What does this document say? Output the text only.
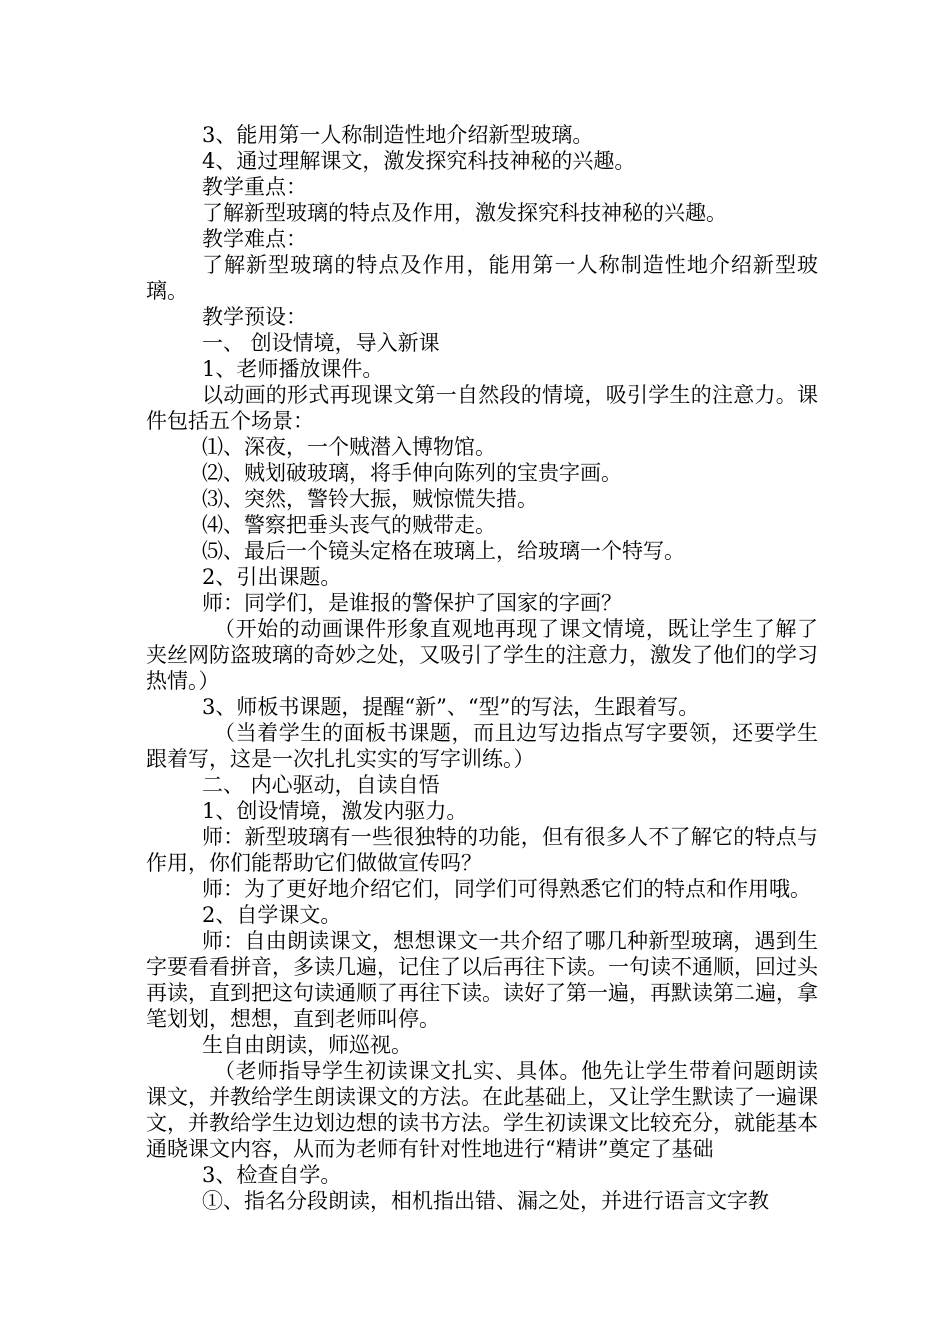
3、能用第一人称制造性地介绍新型玻璃。

4、通过理解课文，激发探究科技神秘的兴趣。

教学重点：

了解新型玻璃的特点及作用，激发探究科技神秘的兴趣。

教学难点：

了解新型玻璃的特点及作用，能用第一人称制造性地介绍新型玻璃。

教学预设：

一、 创设情境，导入新课

1、老师播放课件。

以动画的形式再现课文第一自然段的情境，吸引学生的注意力。课件包括五个场景：

⑴、深夜，一个贼潜入博物馆。

⑵、贼划破玻璃，将手伸向陈列的宝贵字画。

⑶、突然，警铃大振，贼惊慌失措。

⑷、警察把垂头丧气的贼带走。

⑸、最后一个镜头定格在玻璃上，给玻璃一个特写。

2、引出课题。

师：同学们，是谁报的警保护了国家的字画？

（开始的动画课件形象直观地再现了课文情境，既让学生了解了夹丝网防盗玻璃的奇妙之处，又吸引了学生的注意力，激发了他们的学习热情。）

3、师板书课题，提醒“新”、“型”的写法，生跟着写。

（当着学生的面板书课题，而且边写边指点写字要领，还要学生跟着写，这是一次扎扎实实的写字训练。）

二、 内心驱动，自读自悟

1、创设情境，激发内驱力。

师：新型玻璃有一些很独特的功能，但有很多人不了解它的特点与作用，你们能帮助它们做做宣传吗？

师：为了更好地介绍它们，同学们可得熟悉它们的特点和作用哦。

2、自学课文。

师：自由朗读课文，想想课文一共介绍了哪几种新型玻璃，遇到生字要看看拼音，多读几遍，记住了以后再往下读。一句读不通顺，回过头再读，直到把这句读通顺了再往下读。读好了第一遍，再默读第二遍，拿笔划划，想想，直到老师叫停。

生自由朗读，师巡视。

（老师指导学生初读课文扎实、具体。他先让学生带着问题朗读课文，并教给学生朗读课文的方法。在此基础上，又让学生默读了一遍课文，并教给学生边划边想的读书方法。学生初读课文比较充分，就能基本通晓课文内容，从而为老师有针对性地进行“精讲”奠定了基础

3、检查自学。

①、指名分段朗读，相机指出错、漏之处，并进行语言文字教
